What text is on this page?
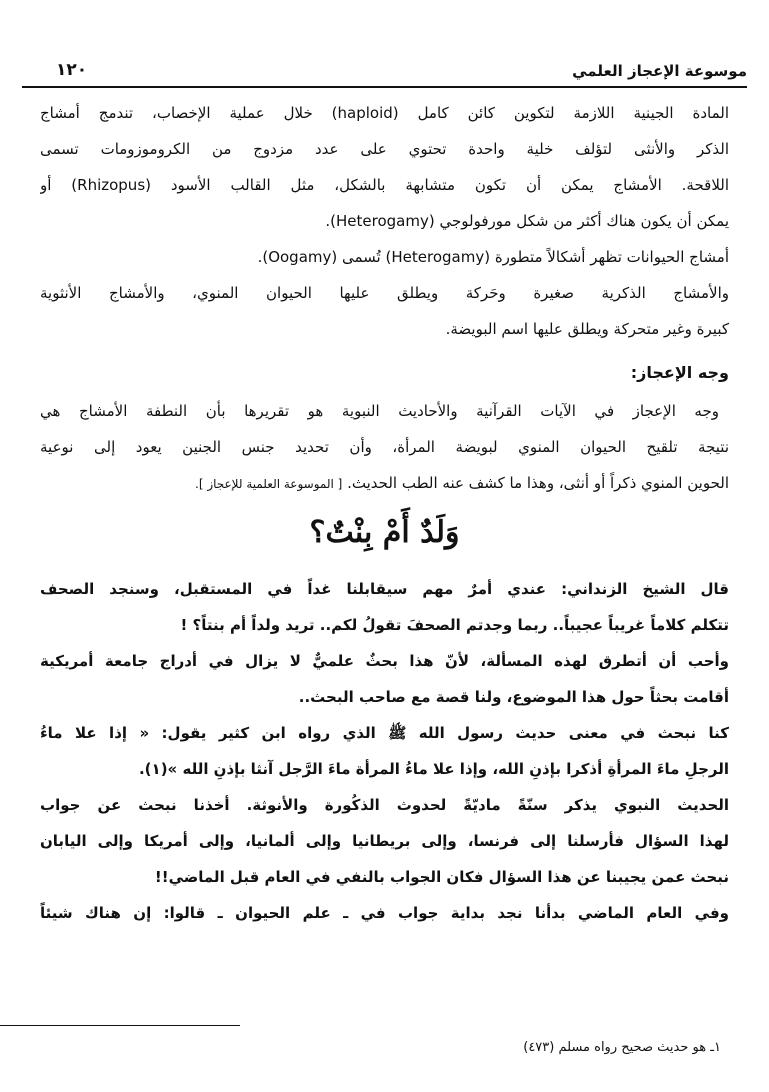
موسوعة الإعجاز العلمي
١٢٠
المادة الجينية اللازمة لتكوين كائن كامل (haploid) خلال عملية الإخصاب، تندمج أمشاج
الذكر والأنثى لتؤلف خلية واحدة تحتوي على عدد مزدوج من الكروموزومات تسمى
اللاقحة. الأمشاج يمكن أن تكون متشابهة بالشكل، مثل القالب الأسود (Rhizopus) أو
يمكن أن يكون هناك أكثر من شكل مورفولوجي (Heterogamy).
أمشاج الحيوانات تظهر أشكالاً متطورة (Heterogamy) تُسمى (Oogamy).
والأمشاج الذكرية صغيرة وحَركة ويطلق عليها الحيوان المنوي، والأمشاج الأنثوية
كبيرة وغير متحركة ويطلق عليها اسم البويضة.
وجه الإعجاز:
وجه الإعجاز في الآيات القرآنية والأحاديث النبوية هو تقريرها بأن النطفة الأمشاج هي
نتيجة تلقيح الحيوان المنوي لبويضة المرأة، وأن تحديد جنس الجنين يعود إلى نوعية
الحوين المنوي ذكراً أو أنثى، وهذا ما كشف عنه الطب الحديث. [ الموسوعة العلمية للإعجاز ].
وَلَدٌ أَمْ بِنْتٌ؟
قال الشيخ الزنداني: عندي أمرٌ مهم سيقابلنا غداً في المستقبل، وسنجد الصحف
تتكلم كلاماً غريباً عجيباً.. ربما وجدتم الصحفَ تقولُ لكم.. تريد ولداً أم بنتاً؟ !
وأحب أن أتطرق لهذه المسألة، لأنّ هذا بحثٌ علميٌّ لا يزال في أدراج جامعة أمريكية
أقامت بحثاً حول هذا الموضوع، ولنا قصة مع صاحب البحث..
كنا نبحث في معنى حديث رسول الله ﷺ الذي رواه ابن كثير يقول: « إذا علا ماءُ
الرجلِ ماءَ المرأةِ أذكرا بإذنِ الله، وإذا علا ماءُ المرأة ماءَ الرَّجل آنثا بإذنِ الله »(١).
الحديث النبوي يذكر سنّةً ماديّةً لحدوث الذكُورة والأنوثة. أخذنا نبحث عن جواب
لهذا السؤال فأرسلنا إلى فرنسا، وإلى بريطانيا وإلى ألمانيا، وإلى أمريكا وإلى اليابان
نبحث عمن يجيبنا عن هذا السؤال فكان الجواب بالنفي في العام قبل الماضي!!
وفي العام الماضي بدأنا نجد بداية جواب في ـ علم الحيوان ـ قالوا: إن هناك شيئاً
١ـ هو حديث صحيح رواه مسلم (٤٧٣)
